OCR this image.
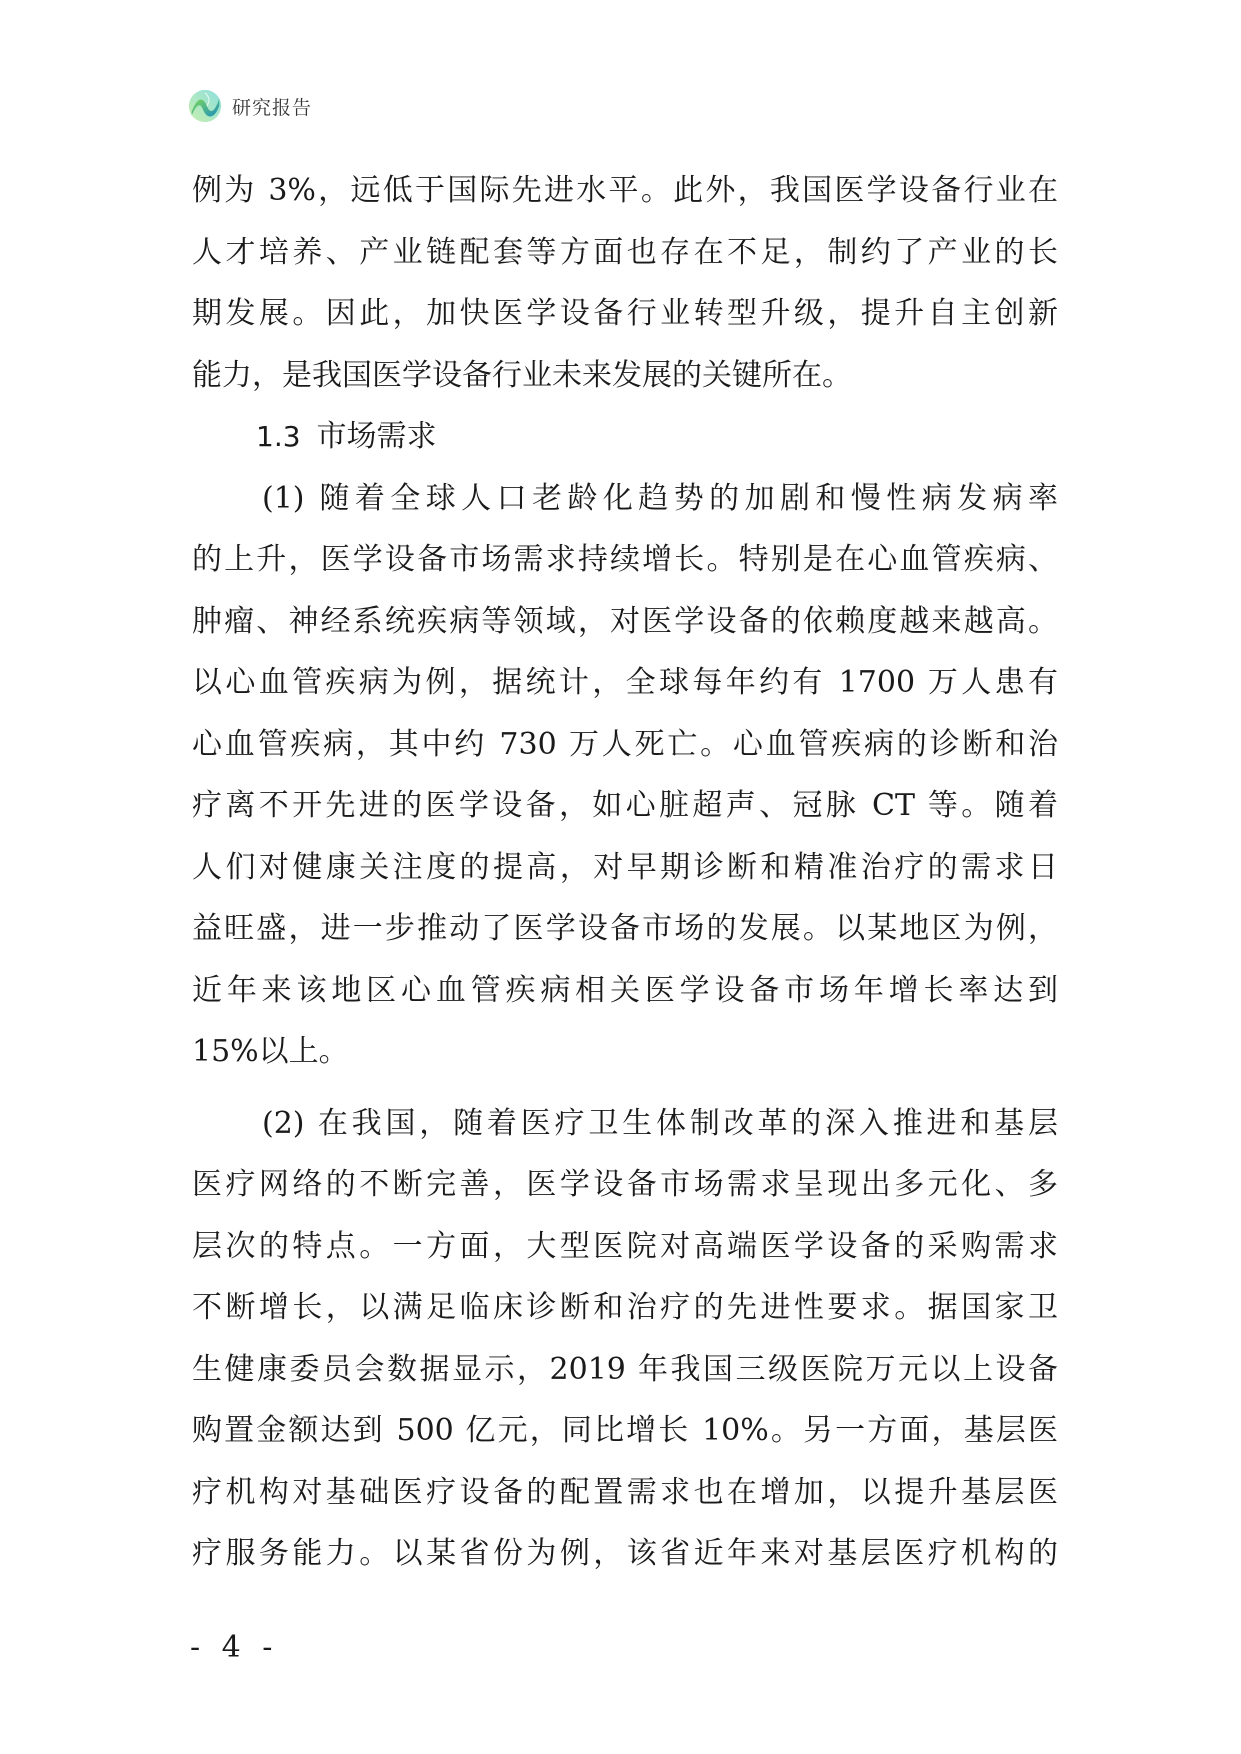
研究报告
例为 3%，远低于国际先进水平。此外，我国医学设备行业在
人才培养、产业链配套等方面也存在不足，制约了产业的长
期发展。因此，加快医学设备行业转型升级，提升自主创新
能力，是我国医学设备行业未来发展的关键所在。
1.3 市场需求
(1) 随着全球人口老龄化趋势的加剧和慢性病发病率
的上升，医学设备市场需求持续增长。特别是在心血管疾病、
肿瘤、神经系统疾病等领域，对医学设备的依赖度越来越高。
以心血管疾病为例，据统计，全球每年约有 1700 万人患有
心血管疾病，其中约 730 万人死亡。心血管疾病的诊断和治
疗离不开先进的医学设备，如心脏超声、冠脉 CT 等。随着
人们对健康关注度的提高，对早期诊断和精准治疗的需求日
益旺盛，进一步推动了医学设备市场的发展。以某地区为例，
近年来该地区心血管疾病相关医学设备市场年增长率达到
15%以上。
(2) 在我国，随着医疗卫生体制改革的深入推进和基层
医疗网络的不断完善，医学设备市场需求呈现出多元化、多
层次的特点。一方面，大型医院对高端医学设备的采购需求
不断增长，以满足临床诊断和治疗的先进性要求。据国家卫
生健康委员会数据显示，2019 年我国三级医院万元以上设备
购置金额达到 500 亿元，同比增长 10%。另一方面，基层医
疗机构对基础医疗设备的配置需求也在增加，以提升基层医
疗服务能力。以某省份为例，该省近年来对基层医疗机构的
- 4 -
